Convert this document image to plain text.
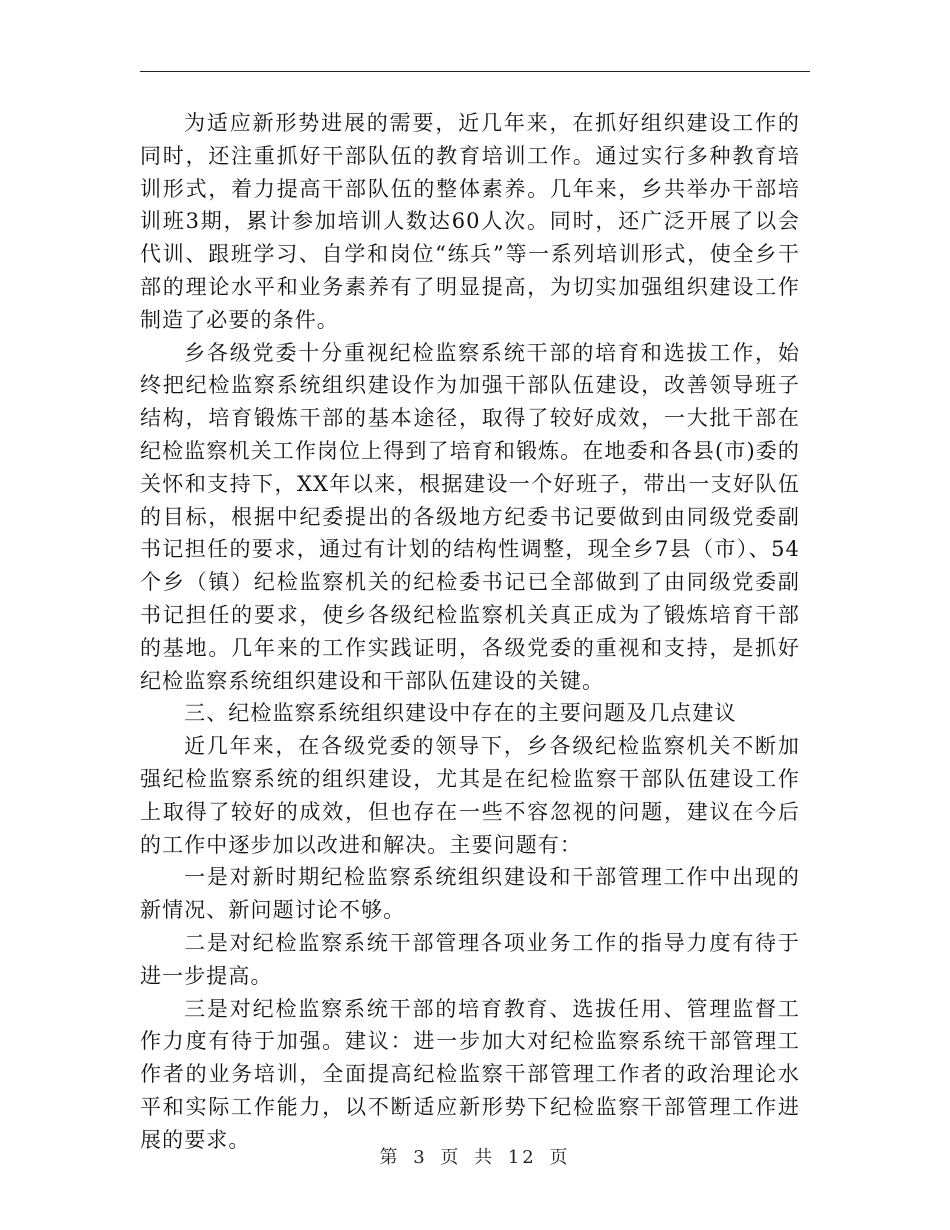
为适应新形势进展的需要，近几年来，在抓好组织建设工作的同时，还注重抓好干部队伍的教育培训工作。通过实行多种教育培训形式，着力提高干部队伍的整体素养。几年来，乡共举办干部培训班3期，累计参加培训人数达60人次。同时，还广泛开展了以会代训、跟班学习、自学和岗位“练兵”等一系列培训形式，使全乡干部的理论水平和业务素养有了明显提高，为切实加强组织建设工作制造了必要的条件。

乡各级党委十分重视纪检监察系统干部的培育和选拔工作，始终把纪检监察系统组织建设作为加强干部队伍建设，改善领导班子结构，培育锻炼干部的基本途径，取得了较好成效，一大批干部在纪检监察机关工作岗位上得到了培育和锻炼。在地委和各县(市)委的关怀和支持下，XX年以来，根据建设一个好班子，带出一支好队伍的目标，根据中纪委提出的各级地方纪委书记要做到由同级党委副书记担任的要求，通过有计划的结构性调整，现全乡7县（市）、54个乡（镇）纪检监察机关的纪检委书记已全部做到了由同级党委副书记担任的要求，使乡各级纪检监察机关真正成为了锻炼培育干部的基地。几年来的工作实践证明，各级党委的重视和支持，是抓好纪检监察系统组织建设和干部队伍建设的关键。

三、纪检监察系统组织建设中存在的主要问题及几点建议

近几年来，在各级党委的领导下，乡各级纪检监察机关不断加强纪检监察系统的组织建设，尤其是在纪检监察干部队伍建设工作上取得了较好的成效，但也存在一些不容忽视的问题，建议在今后的工作中逐步加以改进和解决。主要问题有：

一是对新时期纪检监察系统组织建设和干部管理工作中出现的新情况、新问题讨论不够。

二是对纪检监察系统干部管理各项业务工作的指导力度有待于进一步提高。

三是对纪检监察系统干部的培育教育、选拔任用、管理监督工作力度有待于加强。建议：进一步加大对纪检监察系统干部管理工作者的业务培训，全面提高纪检监察干部管理工作者的政治理论水平和实际工作能力，以不断适应新形势下纪检监察干部管理工作进展的要求。

第 3 页 共 12 页
